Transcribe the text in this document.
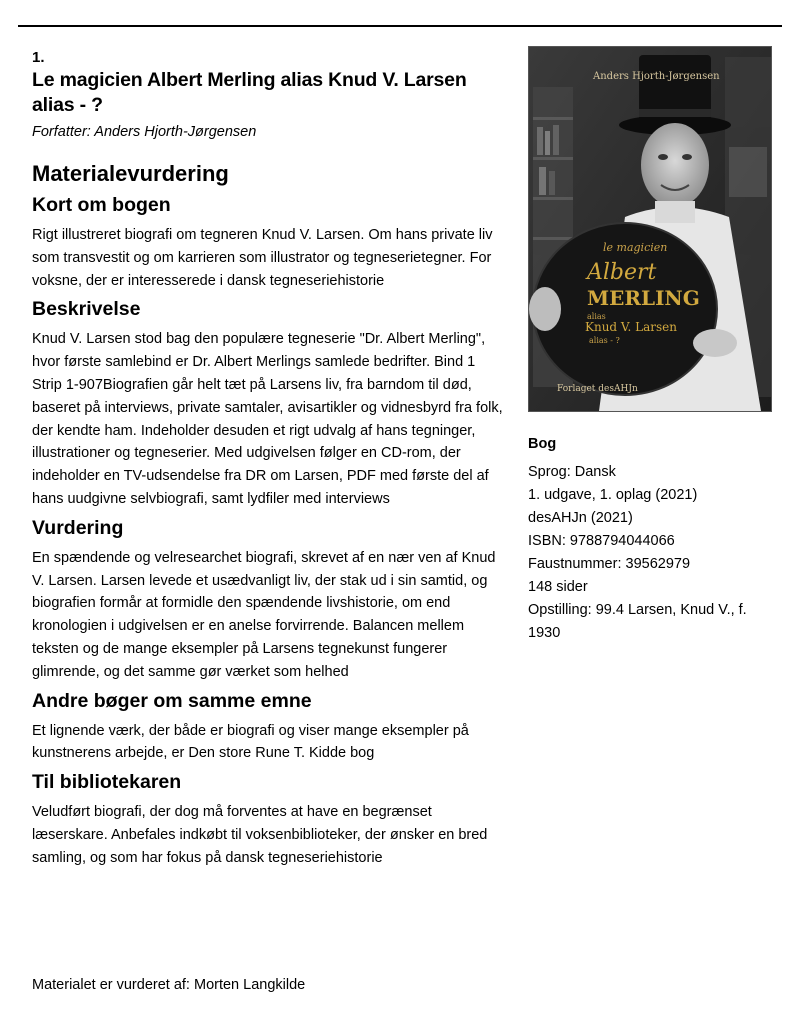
1.

Le magicien Albert Merling alias Knud V. Larsen alias - ?

Forfatter: Anders Hjorth-Jørgensen

Materialevurdering
Kort om bogen

Rigt illustreret biografi om tegneren Knud V. Larsen. Om hans private liv som transvestit og om karrieren som illustrator og tegneserietegner. For voksne, der er interesserede i dansk tegneseriehistorie

Beskrivelse

Knud V. Larsen stod bag den populære tegneserie "Dr. Albert Merling", hvor første samlebind er Dr. Albert Merlings samlede bedrifter. Bind 1 Strip 1-907Biografien går helt tæt på Larsens liv, fra barndom til død, baseret på interviews, private samtaler, avisartikler og vidnesbyrd fra folk, der kendte ham. Indeholder desuden et rigt udvalg af hans tegninger, illustrationer og tegneserier. Med udgivelsen følger en CD-rom, der indeholder en TV-udsendelse fra DR om Larsen, PDF med første del af hans uudgivne selvbiografi, samt lydfiler med interviews

Vurdering

En spændende og velresearchet biografi, skrevet af en nær ven af Knud V. Larsen. Larsen levede et usædvanligt liv, der stak ud i sin samtid, og biografien formår at formidle den spændende livshistorie, om end kronologien i udgivelsen er en anelse forvirrende. Balancen mellem teksten og de mange eksempler på Larsens tegnekunst fungerer glimrende, og det samme gør værket som helhed

Andre bøger om samme emne

Et lignende værk, der både er biografi og viser mange eksempler på kunstnerens arbejde, er Den store Rune T. Kidde bog

Til bibliotekaren

Veludført biografi, der dog må forventes at have en begrænset læserskare. Anbefales indkøbt til voksenbiblioteker, der ønsker en bred samling, og som har fokus på dansk tegneseriehistorie

Materialet er vurderet af: Morten Langkilde

Anders Hjorth-Jørgensen
le magicien
Albert
MERLING
alias
Knud V. Larsen
alias - ?
Forlaget desAHJn

Bog

Sprog: Dansk

1. udgave, 1. oplag (2021)

desAHJn (2021)

ISBN: 9788794044066

Faustnummer: 39562979

148 sider

Opstilling: 99.4 Larsen, Knud V., f. 1930
